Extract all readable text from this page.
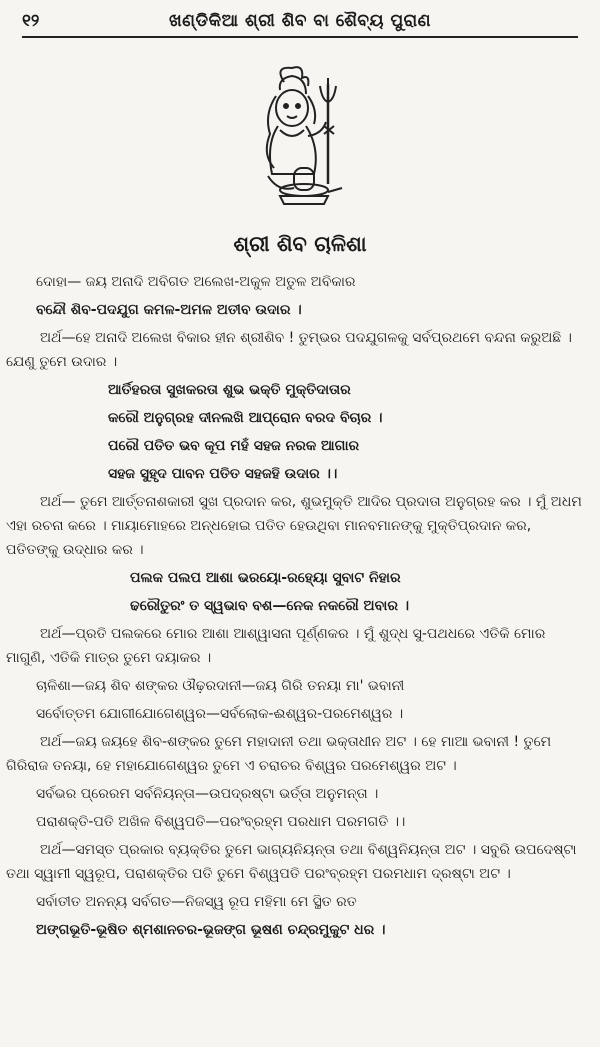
୧୨	ଖଣ୍ଡିକିଆ ଶ୍ରୀ ଶିବ ବା ଶୈବ୍ୟ ପୁରାଣ
ଶ୍ରୀ ଶିବ ଚାଳିଶା

ଦୋହା— ଜୟ ଅନାଦି ଅବିଗତ ଅଲେଖ-ଅକୁଳ ଅତୁଳ ଅବିକାର

ବନ୍ଦୌ ଶିବ-ପଦଯୁଗ କମଳ-ଅମଳ ଅତୀବ ଉଦାର ।

ଅର୍ଥ—ହେ ଅନାଦି ଅଲେଖ ବିକାର ହୀନ ଶ୍ରୀଶିବ ! ତୁମ୍ଭର ପଦଯୁଗଳକୁ ସର୍ବପ୍ରଥମେ ବନ୍ଦନା କରୁଅଛି । ଯେଣୁ ତୁମେ ଉଦାର ।

ଆର୍ତିହରତା ସୁଖକରତା ଶୁଭ ଭକ୍ତି ମୁକ୍ତିଦାତାର

କରୌ ଅନୁଗ୍ରହ ଦୀନଲଖି ଆପ୍ରୋନ ବରଦ ବିଚାର ।

ପରୌ ପତିତ ଭବ କୂପ ମହଁ ସହଜ ନରକ ଆଗାର

ସହଜ ସୁହୃଦ ପାବନ ପତିତ ସହଜହି ଉଦାର ।।

ଅର୍ଥ— ତୁମେ ଆର୍ତ୍ତନାଶକାରୀ ସୁଖ ପ୍ରଦାନ କର, ଶୁଭମୁକ୍ତି ଆଦିର ପ୍ରଦାତା ଅନୁଗ୍ରହ କର । ମୁଁ ଅଧମ ଏହା ରଚନା କରେ । ମାୟାମୋହରେ ଅନ୍ଧହୋଇ ପତିତ ହେଉଥିବା ମାନବମାନଙ୍କୁ ମୁକ୍ତିପ୍ରଦାନ କର, ପତିତଙ୍କୁ ଉଦ୍ଧାର କର ।

ପଲକ ପଲପ ଆଶା ଭରୟୋ-ରହ୍ୟୋ ସୁବାଟ ନିହାର

ଢରୌତୁରଂ ତ ସ୍ୱଭାବ ବଶ—ନେକ ନକରୌ ଅବାର ।

ଅର୍ଥ—ପ୍ରତି ପଲକରେ ମୋର ଆଶା ଆଶ୍ୱାସନା ପୂର୍ଣ୍ଣକର । ମୁଁ ଶୁଦ୍ଧ ସୁ-ପଥଧରେ ଏତିକି ମୋର ମାଗୁଣି, ଏତିକି ମାତ୍ର ତୁମେ ଦୟାକର ।

ଚାଳିଶା—ଜୟ ଶିବ ଶଙ୍କର ଔଢ଼ରଦାନୀ—ଜୟ ଗିରି ତନୟା ମା' ଭବାନୀ

ସର୍ବୋତ୍ତମ ଯୋଗୀଯୋଗେଶ୍ୱର—ସର୍ବଲୋକ-ଈଶ୍ୱର-ପରମେଶ୍ୱର ।

ଅର୍ଥ—ଜୟ ଜୟହେ ଶିବ-ଶଙ୍କର ତୁମେ ମହାଦାନୀ ତଥା ଭକ୍ତାଧୀନ ଅଟ । ହେ ମାଆ ଭବାନୀ ! ତୁମେ ଗିରିରାଜ ତନୟା, ହେ ମହାଯୋଗେଶ୍ୱର ତୁମେ ଏ ଚରାଚର ବିଶ୍ୱର ପରମେଶ୍ୱର ଅଟ ।

ସର୍ବଭର ପ୍ରେରମ ସର୍ବନିୟନ୍ତା—ଉପଦ୍ରଷ୍ଟା ଭର୍ତ୍ତା ଅନୁମନ୍ତା ।

ପରାଶକ୍ତି-ପତି ଅଖିଳ ବିଶ୍ୱପତି—ପରଂବ୍ରହ୍ମ ପରଧାମ ପରମଗତି ।।

ଅର୍ଥ—ସମସ୍ତ ପ୍ରକାର ବ୍ୟକ୍ତିର ତୁମେ ଭାଗ୍ୟନିୟନ୍ତା ତଥା ବିଶ୍ୱନିୟନ୍ତା ଅଟ । ସବୁରି ଉପଦେଷ୍ଟା ତଥା ସ୍ୱାମୀ ସ୍ୱରୂପ, ପରାଶକ୍ତିର ପତି ତୁମେ ବିଶ୍ୱପତି ପରଂବ୍ରହ୍ମ ପରମଧାମ ଦ୍ରଷ୍ଟା ଅଟ ।

ସର୍ବାତୀତ ଅନନ୍ୟ ସର୍ବଗତ—ନିଜସ୍ୱ ରୂପ ମହିମା ମେ ସ୍ଥିତ ରତ

ଅଙ୍ଗଭୂତି-ଭୂଷିତ ଶ୍ମଶାନଚର-ଭୂଜଙ୍ଗ ଭୂଷଣ ଚନ୍ଦ୍ରମୁକୁଟ ଧର ।
